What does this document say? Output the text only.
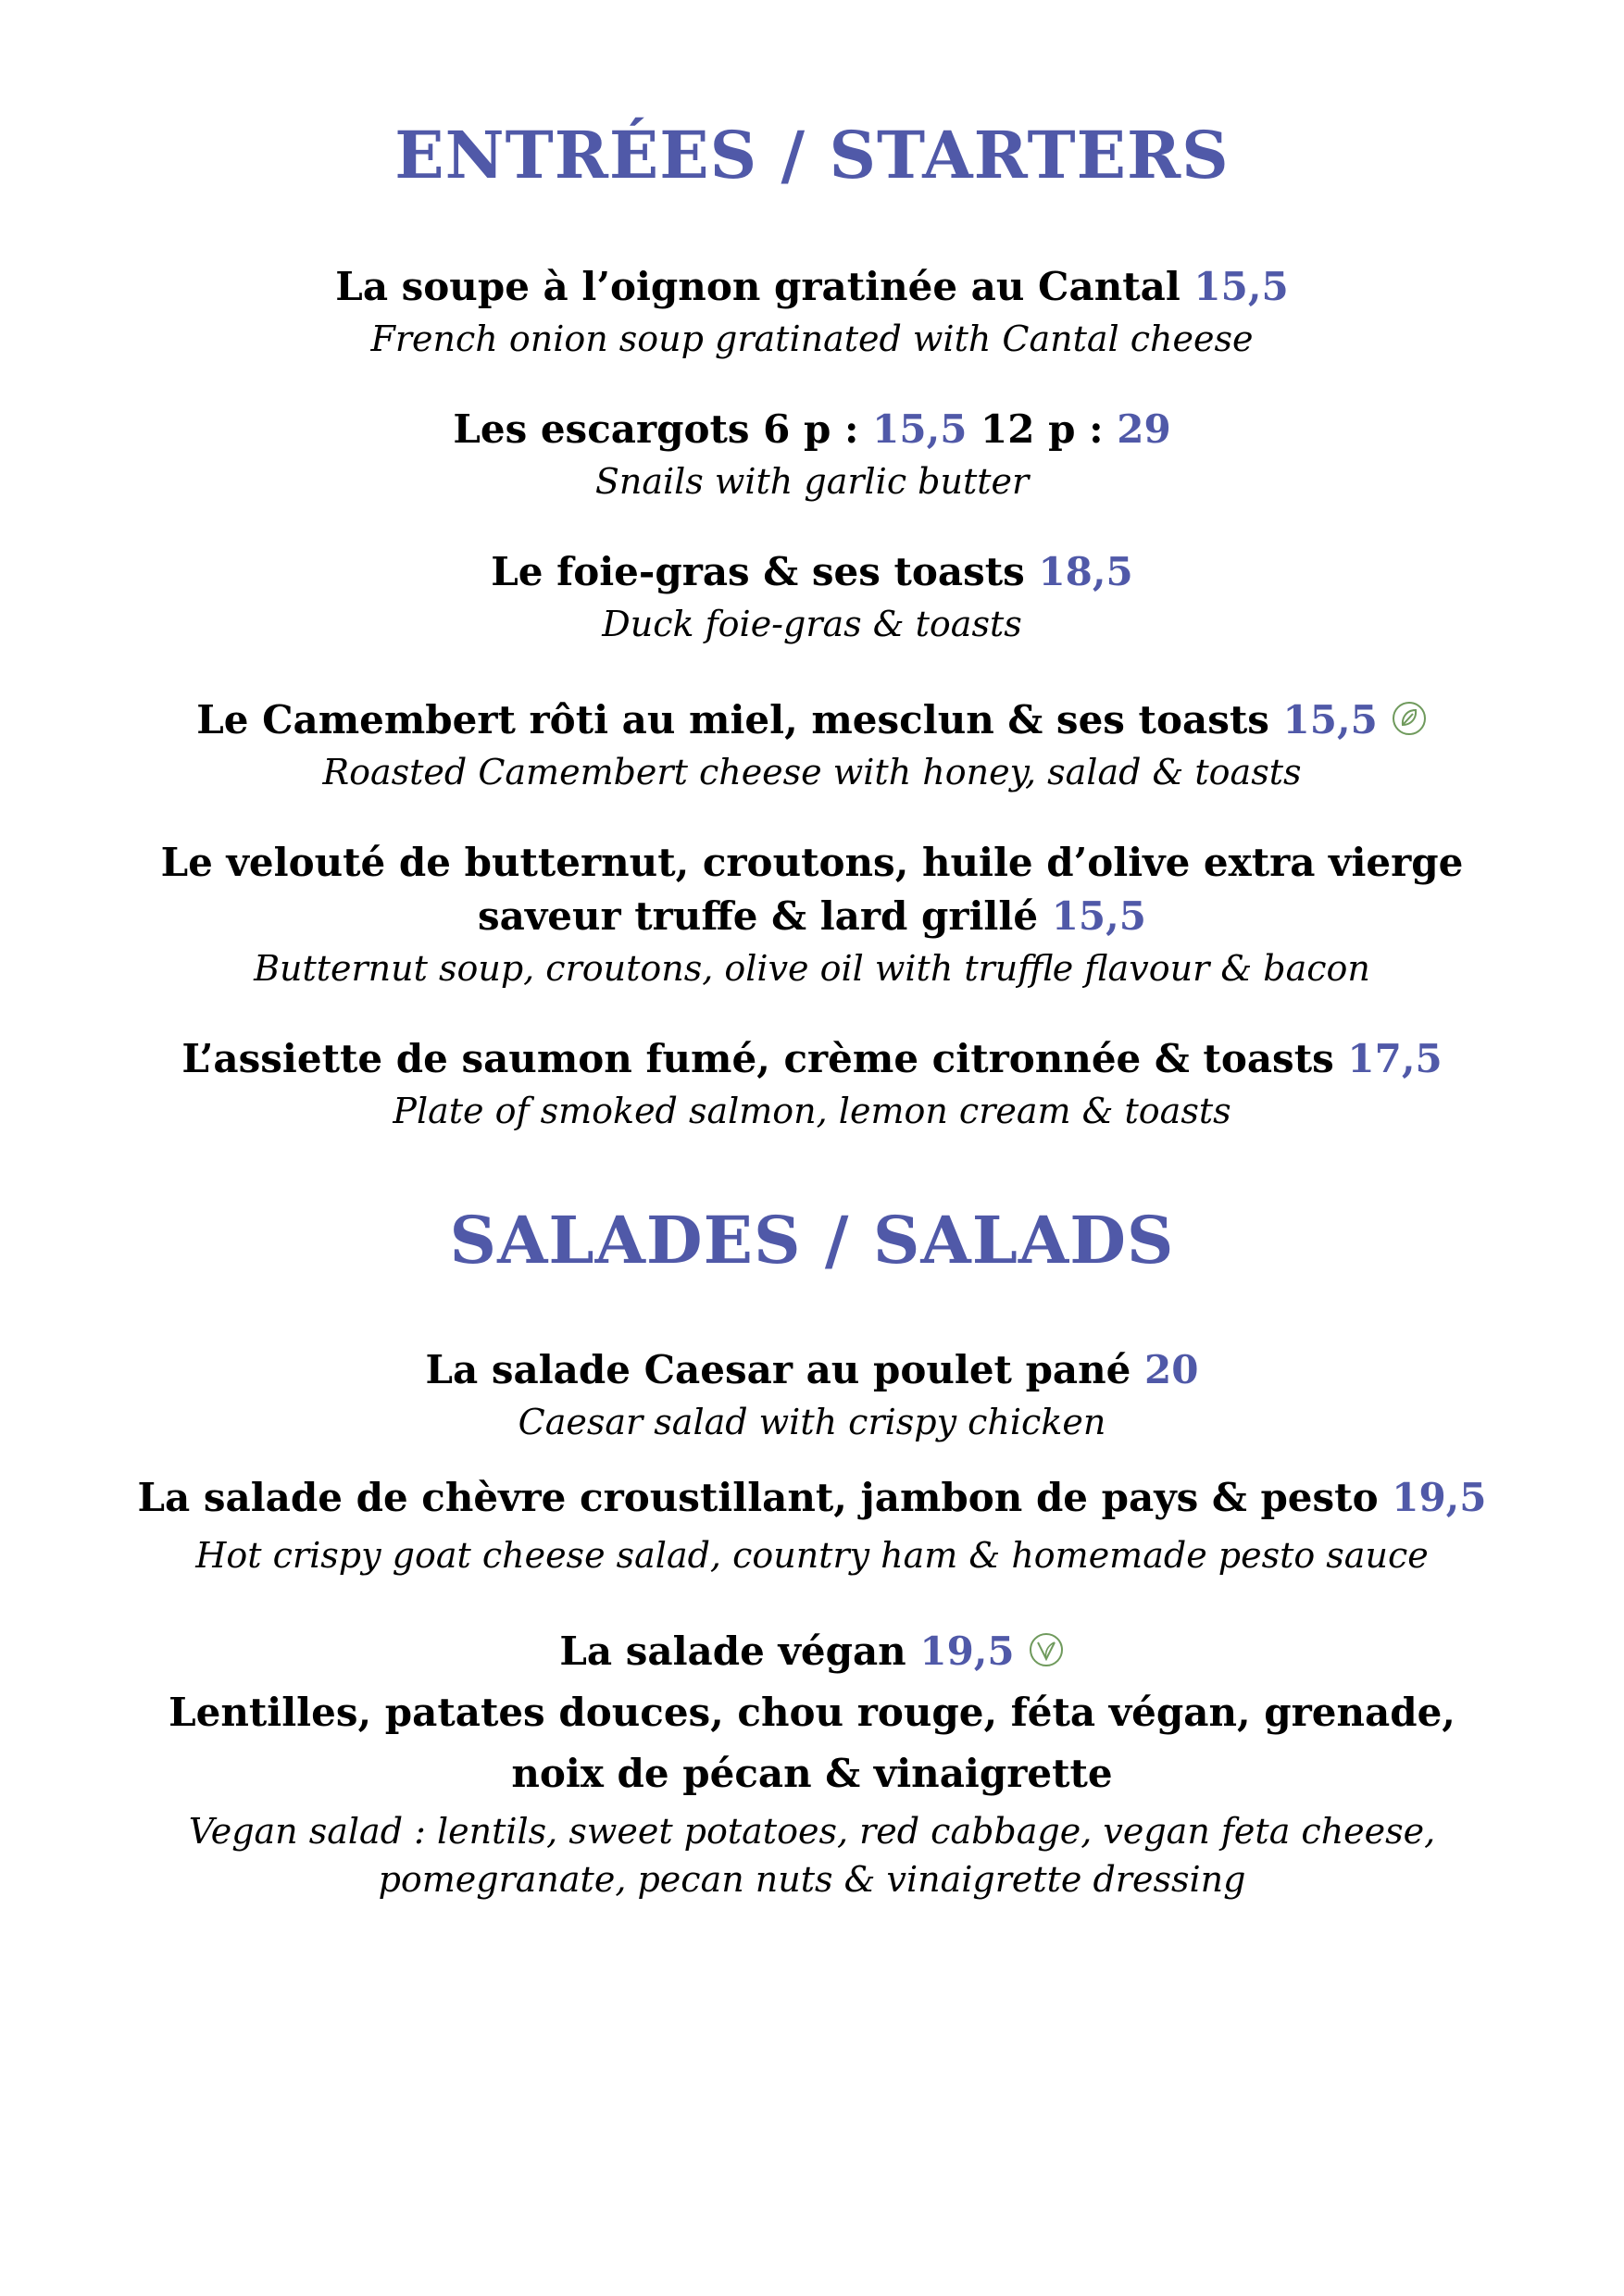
ENTRÉES / STARTERS
La soupe à l’oignon gratinée au Cantal 15,5
French onion soup gratinated with Cantal cheese
Les escargots 6 p : 15,5 12 p : 29
Snails with garlic butter
Le foie-gras & ses toasts 18,5
Duck foie-gras & toasts
Le Camembert rôti au miel, mesclun & ses toasts 15,5
Roasted Camembert cheese with honey, salad & toasts
Le velouté de butternut, croutons, huile d’olive extra vierge
saveur truffe & lard grillé 15,5
Butternut soup, croutons, olive oil with truffle flavour & bacon
L’assiette de saumon fumé, crème citronnée & toasts 17,5
Plate of smoked salmon, lemon cream & toasts
SALADES / SALADS
La salade Caesar au poulet pané 20
Caesar salad with crispy chicken
La salade de chèvre croustillant, jambon de pays & pesto 19,5
Hot crispy goat cheese salad, country ham & homemade pesto sauce
La salade végan 19,5
Lentilles, patates douces, chou rouge, féta végan, grenade,
noix de pécan & vinaigrette
Vegan salad : lentils, sweet potatoes, red cabbage, vegan feta cheese,
pomegranate, pecan nuts & vinaigrette dressing
